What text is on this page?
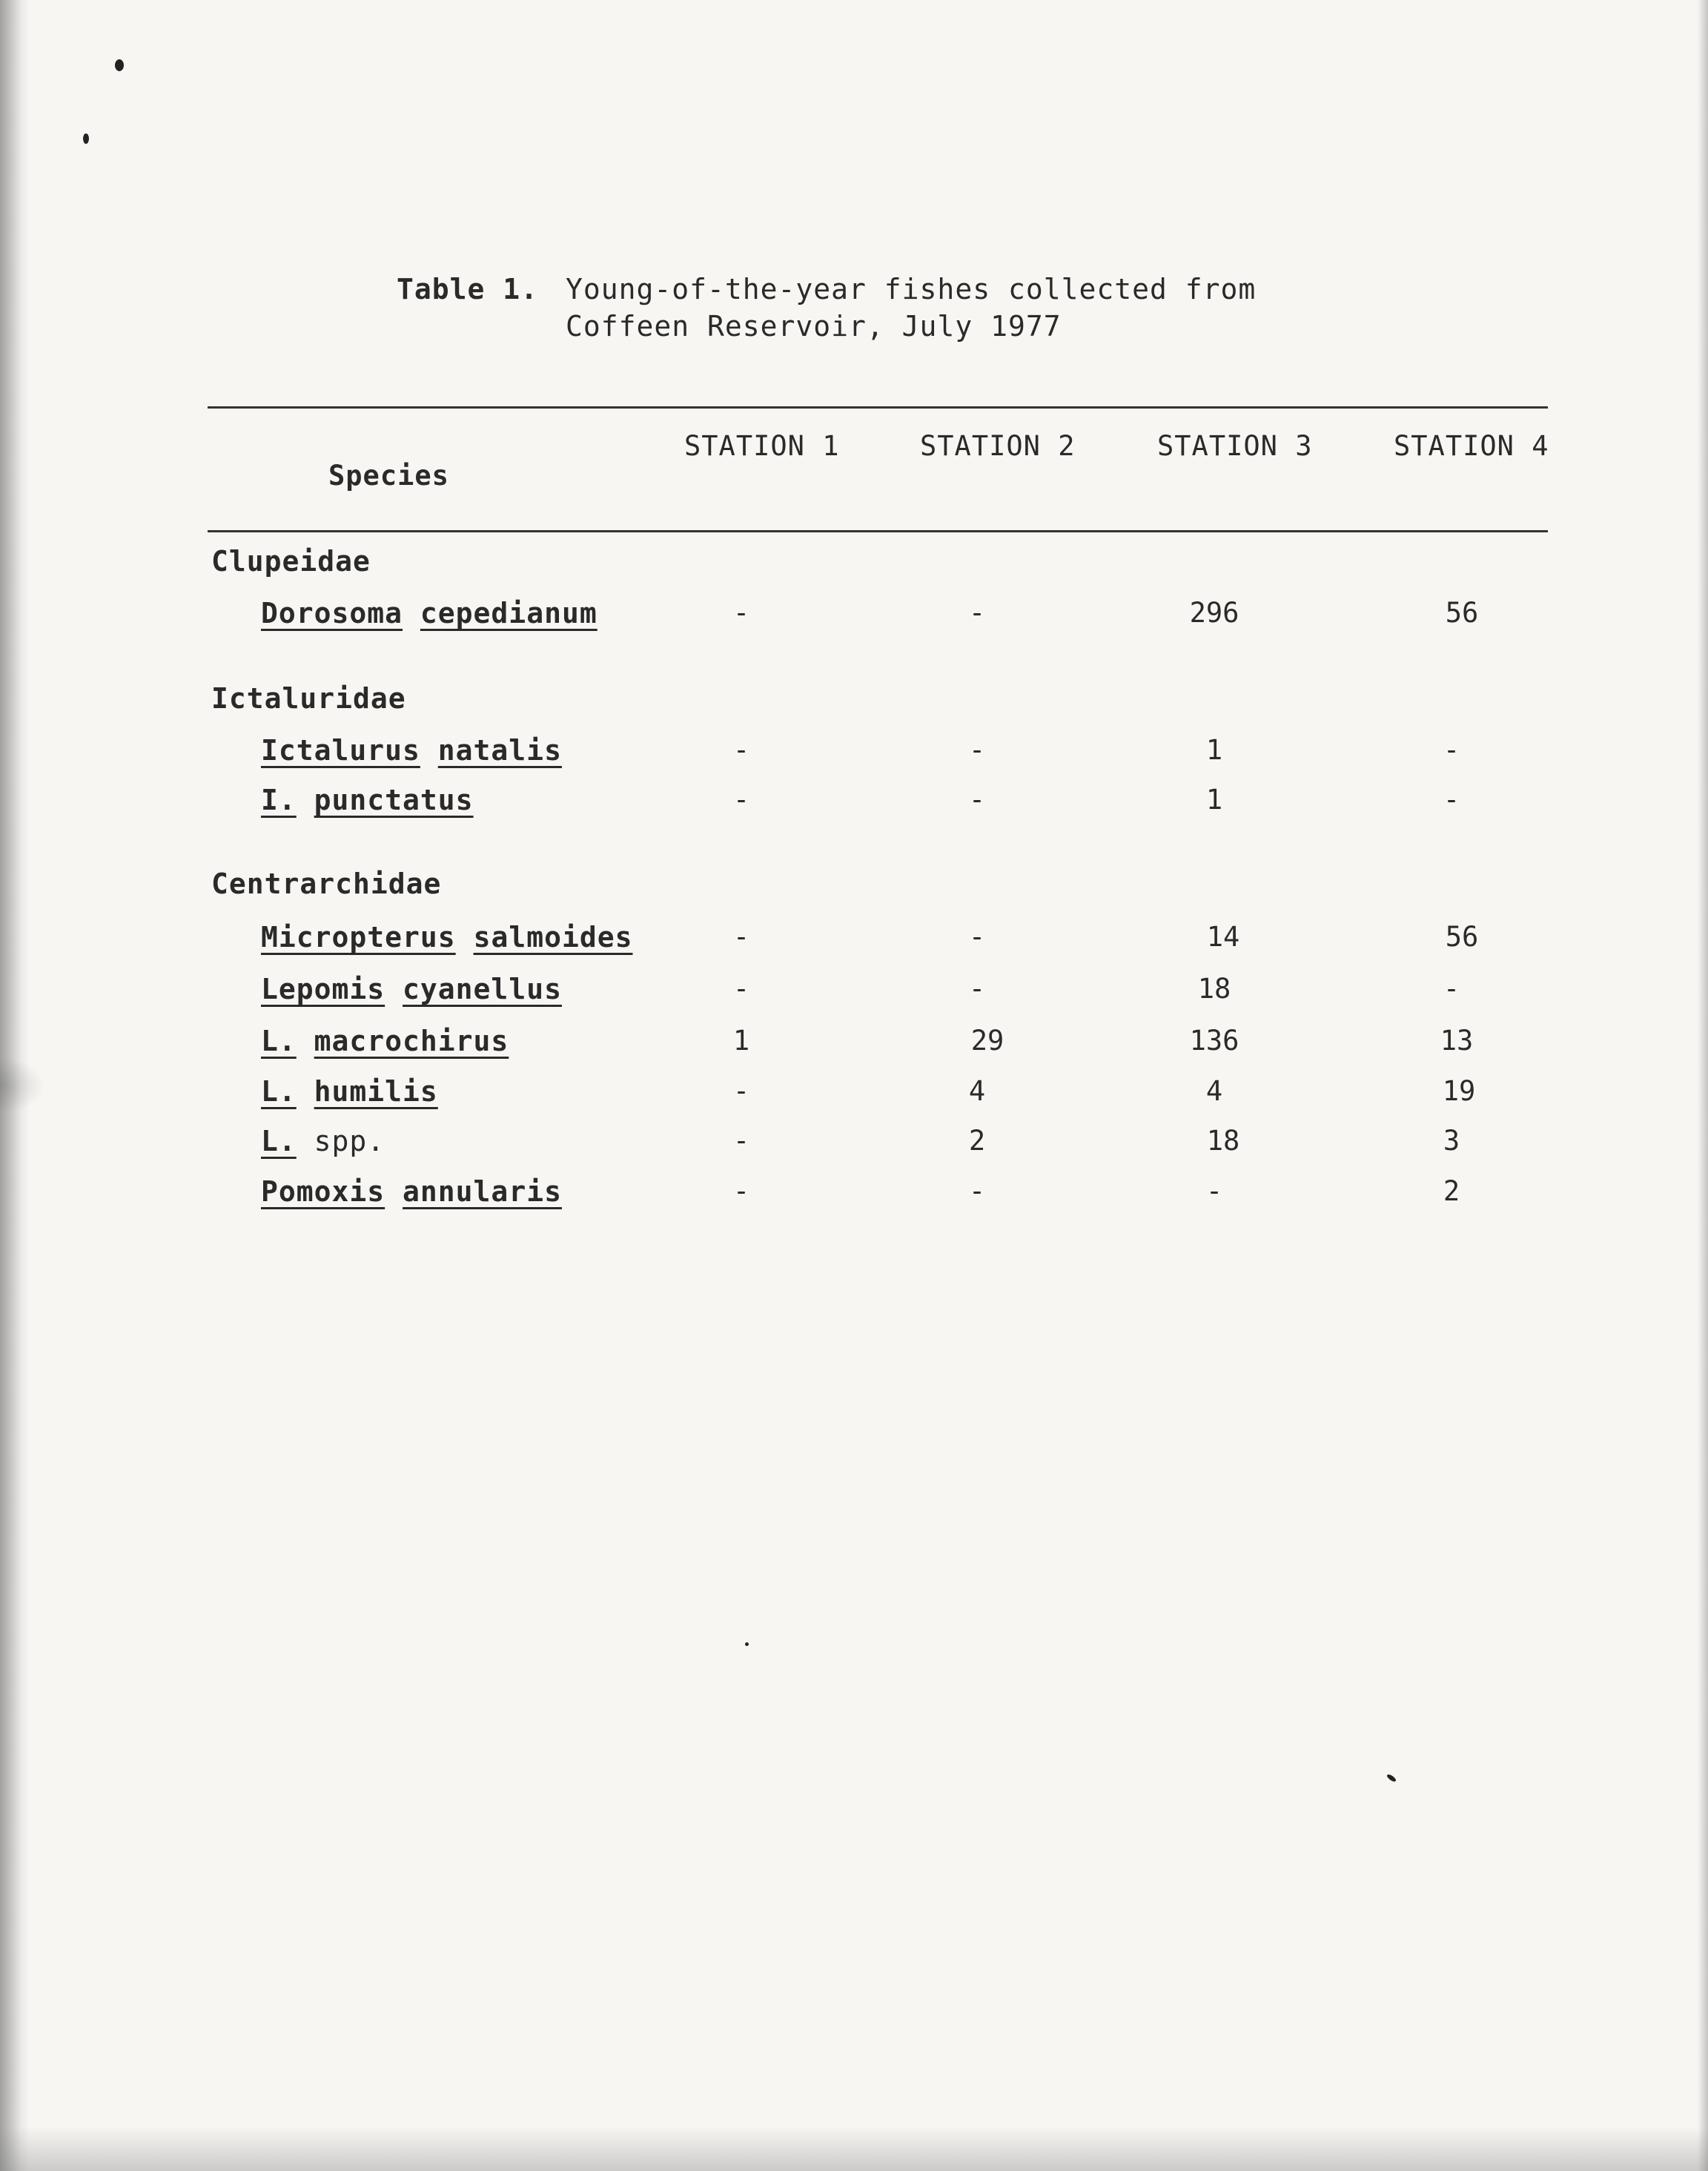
Table 1. Young-of-the-year fishes collected from
Coffeen Reservoir, July 1977
Species
STATION 1	STATION 2	STATION 3	STATION 4
Clupeidae
Dorosoma cepedianum	-	-	296	56
Ictaluridae
Ictalurus natalis	-	-	1	-
I. punctatus	-	-	1	-
Centrarchidae
Micropterus salmoides	-	-	14	56
Lepomis cyanellus	-	-	18	-
L. macrochirus	1	29	136	13
L. humilis	-	4	4	19
L. spp.	-	2	18	3
Pomoxis annularis	-	-	-	2
